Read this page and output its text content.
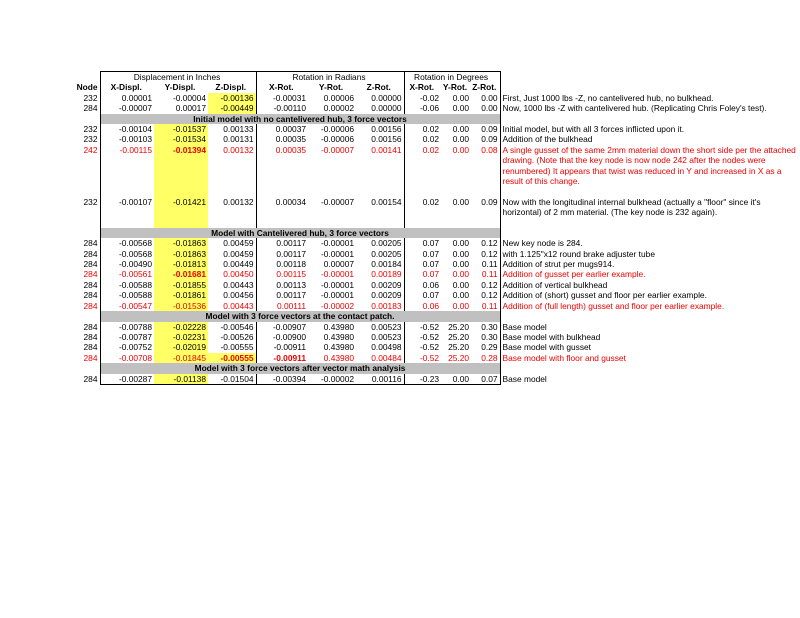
	Displacement in Inches			Rotation in Radians			Rotation in Degrees			
Node	X-Displ.	Y-Displ.	Z-Displ.	X-Rot.	Y-Rot.	Z-Rot.	X-Rot.	Y-Rot.	Z-Rot.	
232	0.00001	-0.00004	-0.00136	-0.00031	0.00006	0.00000	-0.02	0.00	0.00	First, Just 1000 lbs -Z, no cantelivered hub, no bulkhead.
284	-0.00007	0.00017	-0.00449	-0.00110	0.00002	0.00000	-0.06	0.00	0.00	Now, 1000 lbs -Z with cantelivered hub. (Replicating Chris Foley's test).
	Initial model with no cantelivered hub, 3 force vectors									
232	-0.00104	-0.01537	0.00133	0.00037	-0.00006	0.00156	0.02	0.00	0.09	Initial model, but with all 3 forces inflicted upon it.
232	-0.00103	-0.01534	0.00131	0.00035	-0.00006	0.00156	0.02	0.00	0.09	Addition of the bulkhead
242	-0.00115	-0.01394	0.00132	0.00035	-0.00007	0.00141	0.02	0.00	0.08	A single gusset of the same 2mm material down the short side per the attached drawing. (Note that the key node is now node 242 after the nodes were renumbered) It appears that twist was reduced in Y and increased in X as a result of this change.
232	-0.00107	-0.01421	0.00132	0.00034	-0.00007	0.00154	0.02	0.00	0.09	Now with the longitudinal internal bulkhead (actually a "floor" since it's horizontal) of 2 mm material. (The key node is 232 again).
	Model with Cantelivered hub, 3 force vectors									
284	-0.00568	-0.01863	0.00459	0.00117	-0.00001	0.00205	0.07	0.00	0.12	New key node is 284.
284	-0.00568	-0.01863	0.00459	0.00117	-0.00001	0.00205	0.07	0.00	0.12	with 1.125"x12 round brake adjuster tube
284	-0.00490	-0.01813	0.00449	0.00118	0.00007	0.00184	0.07	0.00	0.11	Addition of strut per mugs914.
284	-0.00561	-0.01681	0.00450	0.00115	-0.00001	0.00189	0.07	0.00	0.11	Addition of gusset per earlier example.
284	-0.00588	-0.01855	0.00443	0.00113	-0.00001	0.00209	0.06	0.00	0.12	Addition of vertical bulkhead
284	-0.00588	-0.01861	0.00456	0.00117	-0.00001	0.00209	0.07	0.00	0.12	Addition of (short) gusset and floor per earlier example.
284	-0.00547	-0.01536	0.00443	0.00111	-0.00002	0.00183	0.06	0.00	0.11	Addition of (full length) gusset and floor per earlier example.
	Model with 3 force vectors at the contact patch.									
284	-0.00788	-0.02228	-0.00546	-0.00907	0.43980	0.00523	-0.52	25.20	0.30	Base model
284	-0.00787	-0.02231	-0.00526	-0.00900	0.43980	0.00523	-0.52	25.20	0.30	Base model with bulkhead
284	-0.00752	-0.02019	-0.00555	-0.00911	0.43980	0.00498	-0.52	25.20	0.29	Base model with gusset
284	-0.00708	-0.01845	-0.00555	-0.00911	0.43980	0.00484	-0.52	25.20	0.28	Base model with floor and gusset
	Model with 3 force vectors after vector math analysis									
284	-0.00287	-0.01138	-0.01504	-0.00394	-0.00002	0.00116	-0.23	0.00	0.07	Base model
